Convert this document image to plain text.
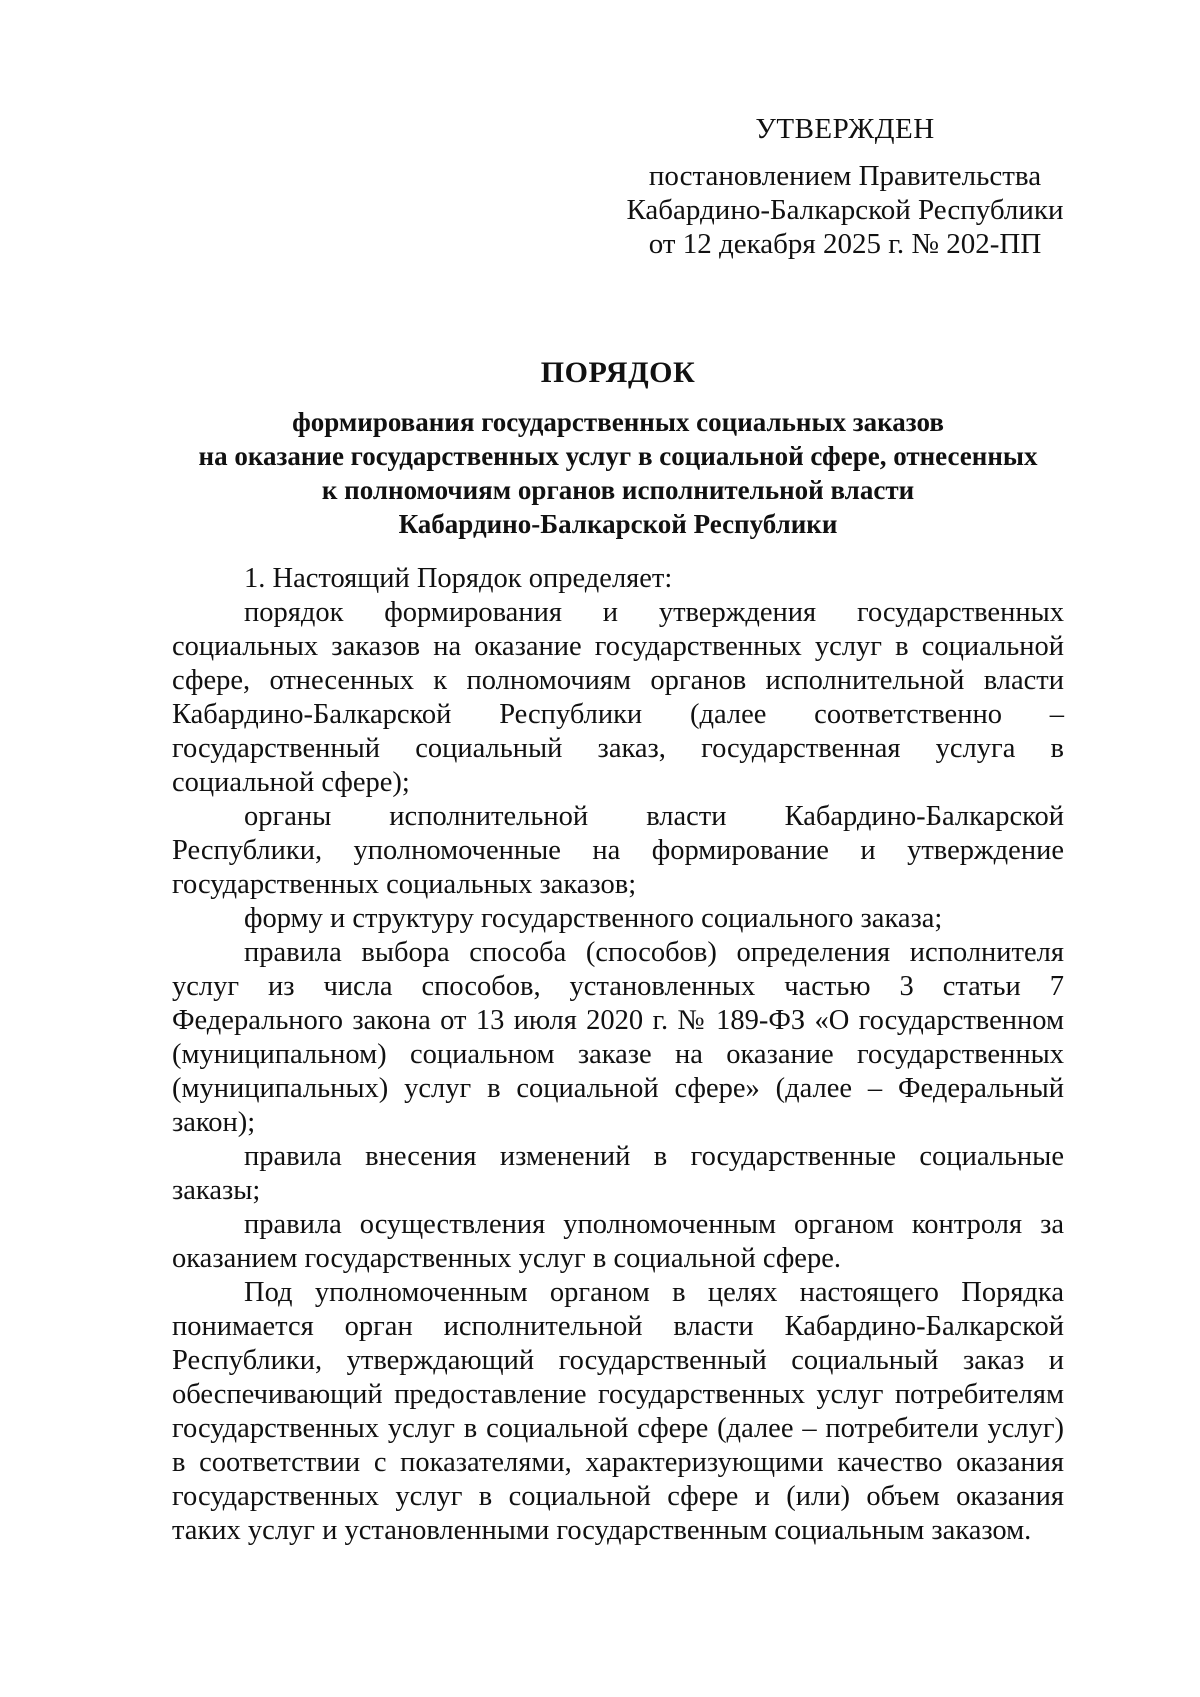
УТВЕРЖДЕН
постановлением Правительства
Кабардино-Балкарской Республики
от 12 декабря 2025 г. № 202-ПП
ПОРЯДОК
формирования государственных социальных заказов
на оказание государственных услуг в социальной сфере, отнесенных
к полномочиям органов исполнительной власти
Кабардино-Балкарской Республики

1. Настоящий Порядок определяет:

порядок формирования и утверждения государственных социальных заказов на оказание государственных услуг в социальной сфере, отнесенных к полномочиям органов исполнительной власти Кабардино-Балкарской Республики (далее соответственно – государственный социальный заказ, государственная услуга в социальной сфере);

органы исполнительной власти Кабардино-Балкарской Республики, уполномоченные на формирование и утверждение государственных социальных заказов;

форму и структуру государственного социального заказа;

правила выбора способа (способов) определения исполнителя услуг из числа способов, установленных частью 3 статьи 7 Федерального закона от 13 июля 2020 г. № 189-ФЗ «О государственном (муниципальном) социальном заказе на оказание государственных (муниципальных) услуг в социальной сфере» (далее – Федеральный закон);

правила внесения изменений в государственные социальные заказы;

правила осуществления уполномоченным органом контроля за оказанием государственных услуг в социальной сфере.

Под уполномоченным органом в целях настоящего Порядка понимается орган исполнительной власти Кабардино-Балкарской Республики, утверждающий государственный социальный заказ и обеспечивающий предоставление государственных услуг потребителям государственных услуг в социальной сфере (далее – потребители услуг) в соответствии с показателями, характеризующими качество оказания государственных услуг в социальной сфере и (или) объем оказания таких услуг и установленными государственным социальным заказом.
